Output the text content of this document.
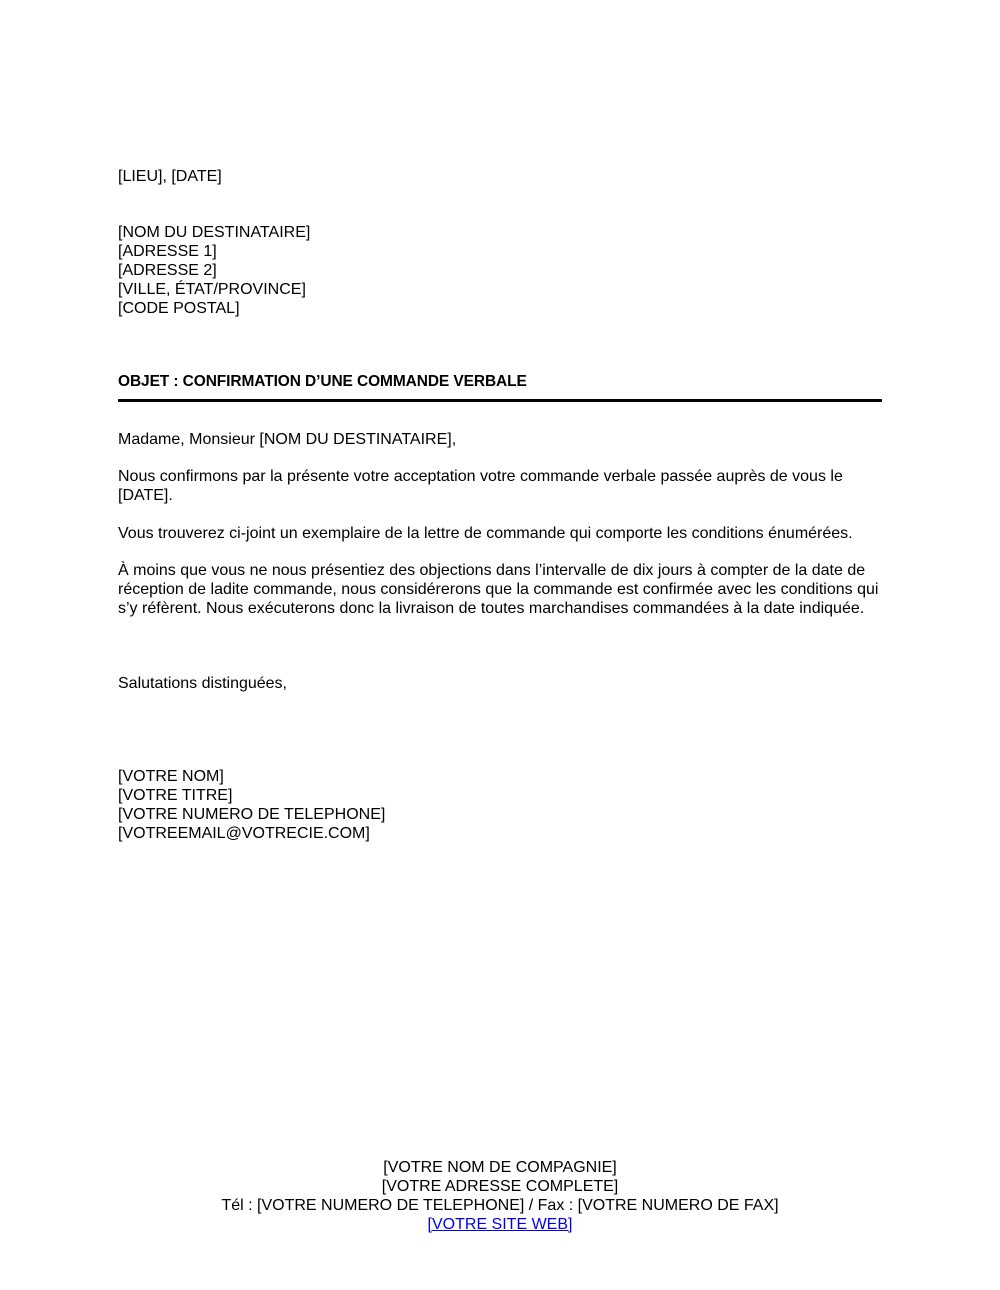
[LIEU], [DATE]
[NOM DU DESTINATAIRE]
[ADRESSE 1]
[ADRESSE 2]
[VILLE, ÉTAT/PROVINCE]
[CODE POSTAL]
OBJET : CONFIRMATION D’UNE COMMANDE VERBALE
Madame, Monsieur [NOM DU DESTINATAIRE],
Nous confirmons par la présente votre acceptation votre commande verbale passée auprès de vous le [DATE].
Vous trouverez ci-joint un exemplaire de la lettre de commande qui comporte les conditions énumérées.
À moins que vous ne nous présentiez des objections dans l’intervalle de dix jours à compter de la date de réception de ladite commande, nous considérerons que la commande est confirmée avec les conditions qui s’y réfèrent. Nous exécuterons donc la livraison de toutes marchandises commandées à la date indiquée.
Salutations distinguées,
[VOTRE NOM]
[VOTRE TITRE]
[VOTRE NUMERO DE TELEPHONE]
[VOTREEMAIL@VOTRECIE.COM]
[VOTRE NOM DE COMPAGNIE]
[VOTRE ADRESSE COMPLETE]
Tél : [VOTRE NUMERO DE TELEPHONE] / Fax : [VOTRE NUMERO DE FAX]
[VOTRE SITE WEB]
